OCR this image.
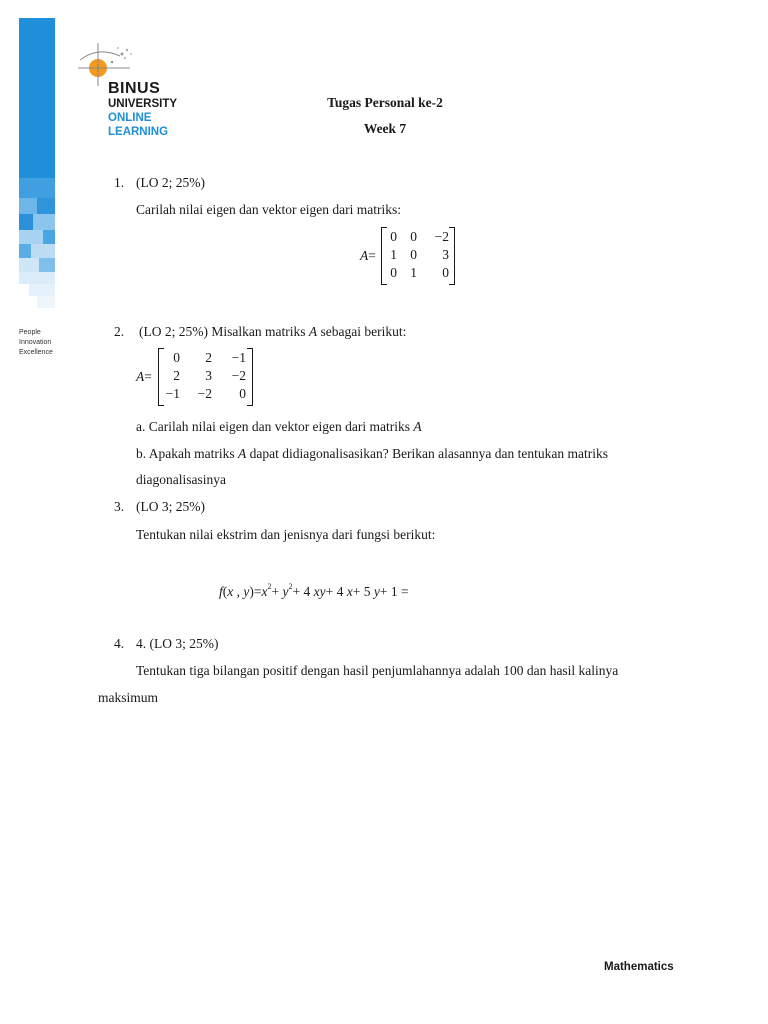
People
Innovation
Excellence
BINUS
UNIVERSITY
ONLINE
LEARNING
Tugas Personal ke-2
Week 7
1. (LO 2; 25%)
Carilah nilai eigen dan vektor eigen dari matriks:
A=
0 0	−2
1 0	3
0 1	0
2. (LO 2; 25%) Misalkan matriks A sebagai berikut:
A=
0	2	−1
2	3	−2
−1	−2	0
a. Carilah nilai eigen dan vektor eigen dari matriks A
b. Apakah matriks A dapat didiagonalisasikan? Berikan alasannya dan tentukan matriks
diagonalisasinya
3. (LO 3; 25%)
Tentukan nilai ekstrim dan jenisnya dari fungsi berikut:
f(x , $y)=x^2+ y^2+ 4$ xy+ 4 x+ 5 y+ 1 =
4. 4. (LO 3; 25%)
Tentukan tiga bilangan positif dengan hasil penjumlahannya adalah 100 dan hasil kalinya
maksimum
Mathematics
